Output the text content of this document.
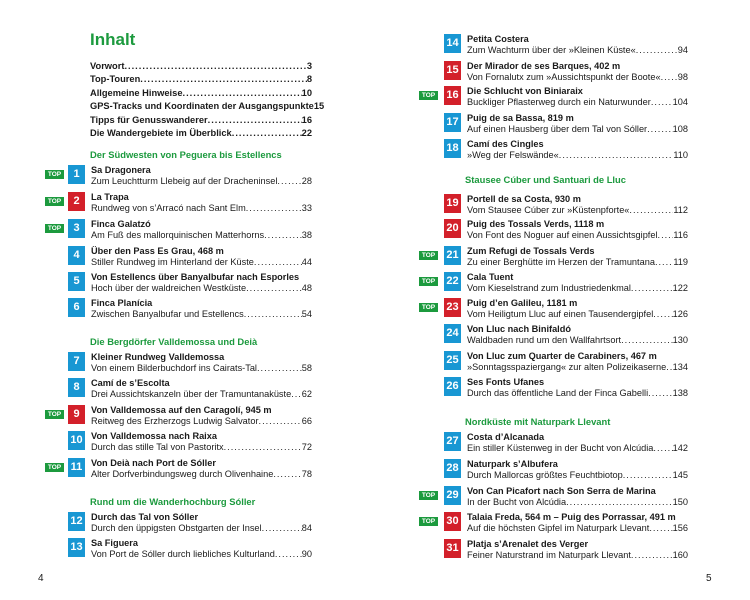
Inhalt
Vorwort .....	3
Top-Touren .....	8
Allgemeine Hinweise .....	10
GPS-Tracks und Koordinaten der Ausgangspunkte 15
Tipps für Genusswanderer .....	16
Die Wandergebiete im Überblick .....	22
Der Südwesten von Peguera bis Estellencs
Die Bergdörfer Valldemossa und Deià
Rund um die Wanderhochburg Sóller
4
1	Sa Dragonera
Zum Leuchtturm Llebeig auf der Dracheninsel .....	28
TOP
2	La Trapa
Rundweg von s’Arracó nach Sant Elm .....	33
TOP
3	Finca Galatzó
Am Fuß des mallorquinischen Matterhorns .....	38
TOP
4	Über den Pass Es Grau, 468 m
Stiller Rundweg im Hinterland der Küste .....	44
5	Von Estellencs über Banyalbufar nach Esporles
Hoch über der waldreichen Westküste .....	48
6	Finca Planícia
Zwischen Banyalbufar und Estellencs .....	54
7	Kleiner Rundweg Valldemossa
Von einem Bilderbuchdorf ins Cairats-Tal .....	58
8	Camí de s’Escolta
Drei Aussichtskanzeln über der Tramuntanaküste ..... 62
9	Von Valldemossa auf den Caragolí, 945 m
Reitweg des Erzherzogs Ludwig Salvator .....	66
TOP
10 Von Valldemossa nach Raixa
Durch das stille Tal von Pastoritx .....	72
11 Von Deià nach Port de Sóller
Alter Dorfverbindungsweg durch Olivenhaine .....	78
TOP
12 Durch das Tal von Sóller
Durch den üppigsten Obstgarten der Insel .....	84
13 Sa Figuera
Von Port de Sóller durch liebliches Kulturland .....	90
Stausee Cúber und Santuari de Lluc
Nordküste mit Naturpark Llevant
5
14 Petita Costera
Zum Wachturm über der »Kleinen Küste« .....	94
15 Der Mirador de ses Barques, 402 m
Von Fornalutx zum »Aussichtspunkt der Boote« ..... 98
16 Die Schlucht von Biniaraix
Buckliger Pflasterweg durch ein Naturwunder ..... 104
TOP
17 Puig de sa Bassa, 819 m
Auf einen Hausberg über dem Tal von Sóller .....	108
18 Camí des Cingles
»Weg der Felswände« .....	110
19 Portell de sa Costa, 930 m
Vom Stausee Cúber zur »Küstenpforte« .....	112
20 Puig des Tossals Verds, 1118 m
Von Font des Noguer auf einen Aussichtsgipfel ..... 116
21 Zum Refugi de Tossals Verds
Zu einer Berghütte im Herzen der Tramuntana ..... 119
TOP
22 Cala Tuent
Vom Kieselstrand zum Industriedenkmal .....	122
TOP
23 Puig d’en Galileu, 1181 m
Vom Heiligtum Lluc auf einen Tausendergipfel ..... 126
TOP
24 Von Lluc nach Binifaldó
Waldbaden rund um den Wallfahrtsort .....	130
25 Von Lluc zum Quarter de Carabiners, 467 m
»Sonntagsspaziergang« zur alten Polizeikaserne ..... 134
26 Ses Fonts Ufanes
Durch das öffentliche Land der Finca Gabelli .....	138
27 Costa d’Alcanada
Ein stiller Küstenweg in der Bucht von Alcúdia ..... 142
28 Naturpark s’Albufera
Durch Mallorcas größtes Feuchtbiotop .....	145
29 Von Can Picafort nach Son Serra de Marina
In der Bucht von Alcúdia .....	150
TOP
30 Talaia Freda, 564 m – Puig des Porrassar, 491 m
Auf die höchsten Gipfel im Naturpark Llevant .....	156
TOP
31 Platja s’Arenalet des Verger
Feiner Naturstrand im Naturpark Llevant .....	160
